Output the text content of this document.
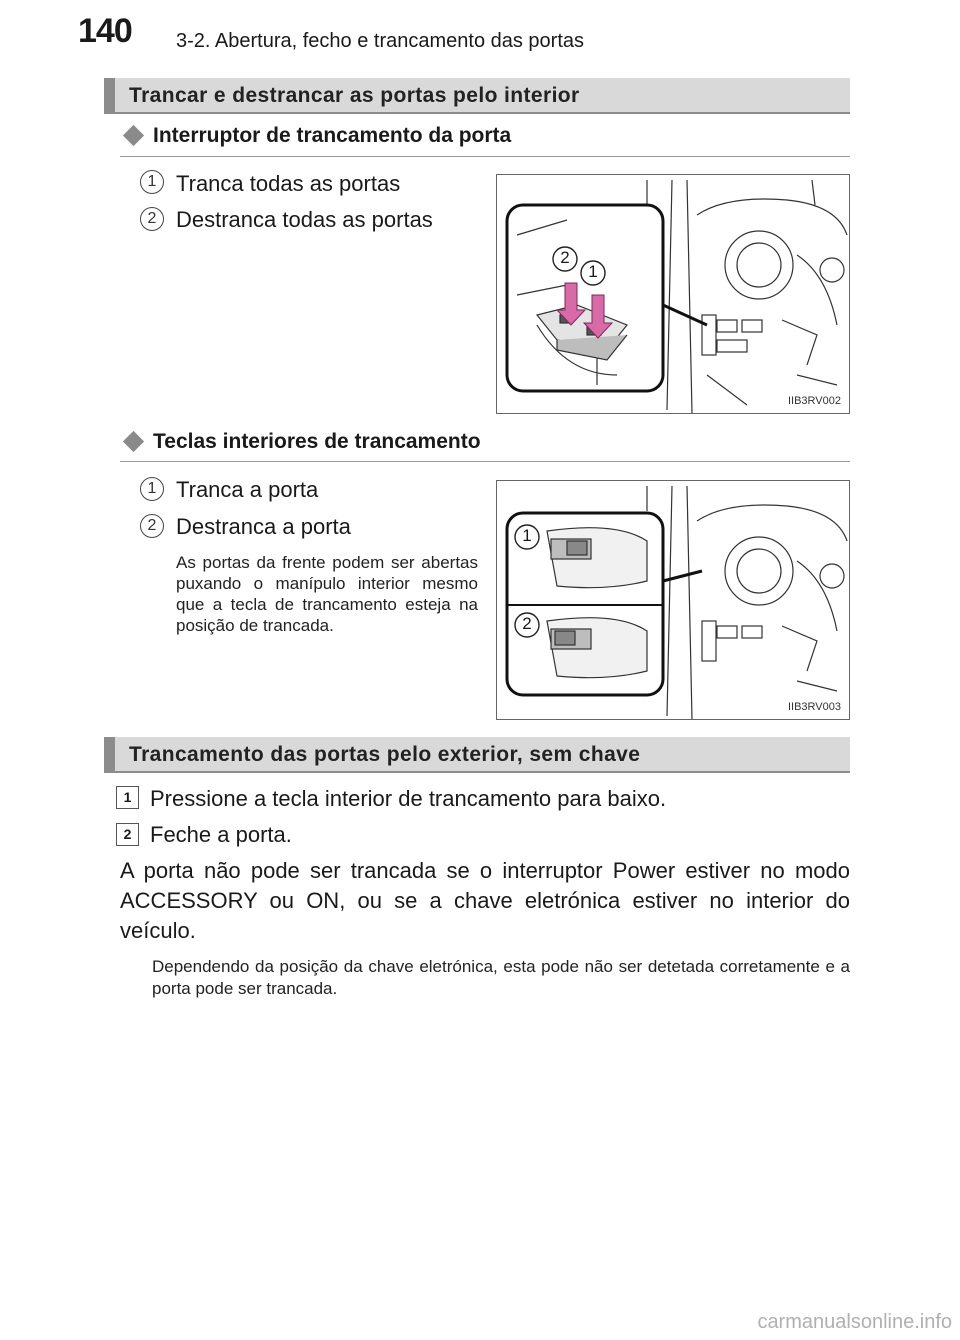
140 3-2. Abertura, fecho e trancamento das portas
Trancar e destrancar as portas pelo interior
Interruptor de trancamento da porta
1 Tranca todas as portas
2 Destranca todas as portas
2
1
IIB3RV002
Teclas interiores de trancamento
1 Tranca a porta
2 Destranca a porta
As portas da frente podem ser abertas puxando o manípulo interior mesmo que a tecla de trancamento esteja na posição de trancada.
1
2
IIB3RV003
Trancamento das portas pelo exterior, sem chave
1 Pressione a tecla interior de trancamento para baixo.
2 Feche a porta.
A porta não pode ser trancada se o interruptor Power estiver no modo ACCESSORY ou ON, ou se a chave eletrónica estiver no interior do veículo.
Dependendo da posição da chave eletrónica, esta pode não ser detetada corretamente e a porta pode ser trancada.
carmanualsonline.info
